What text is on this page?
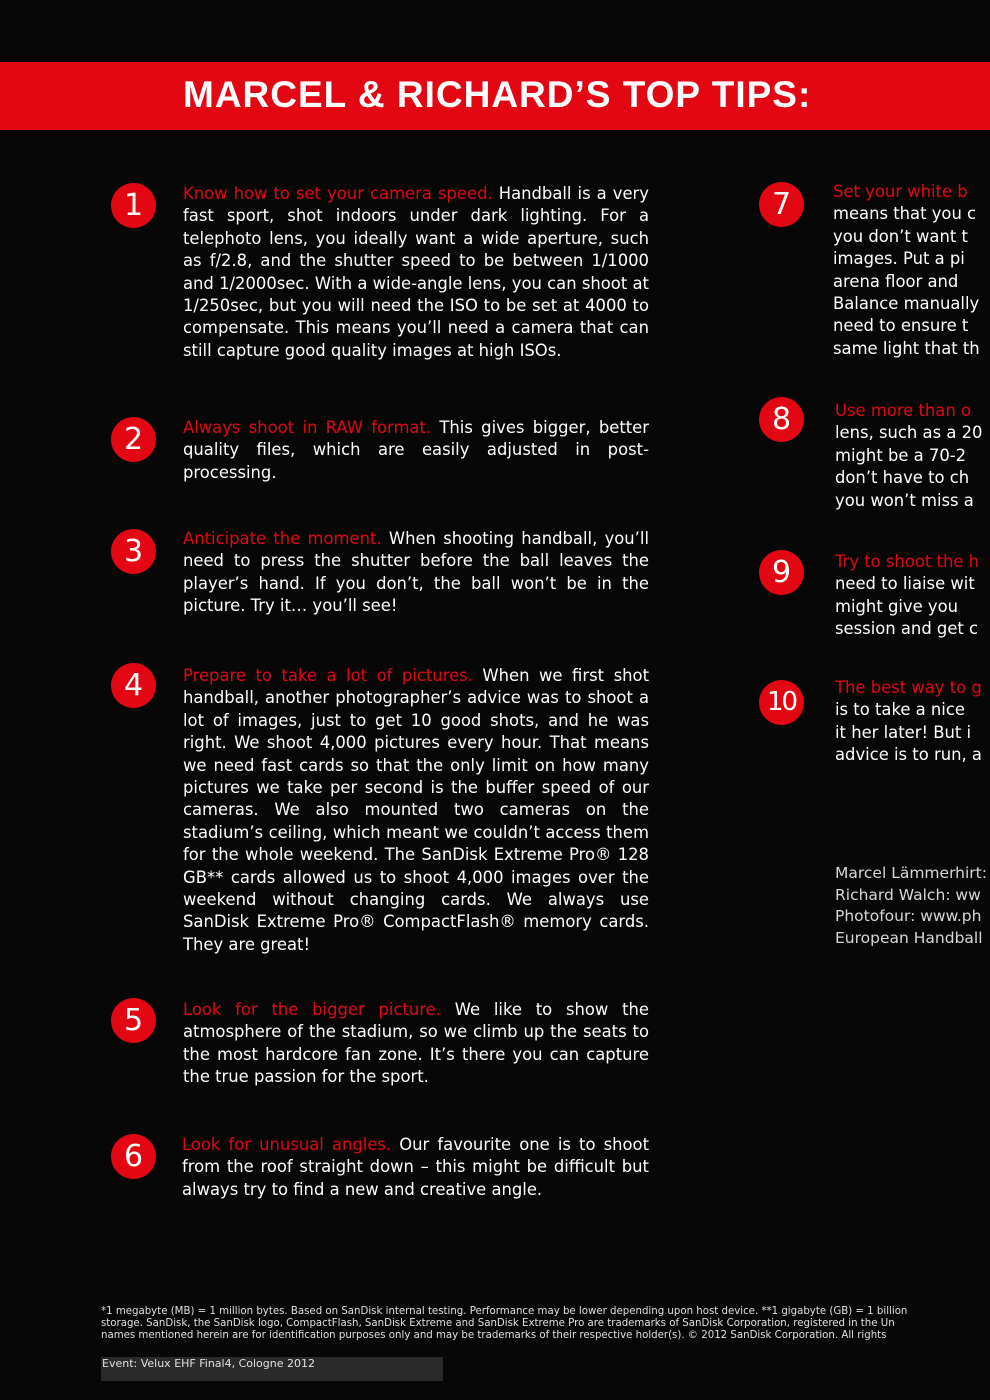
MARCEL & RICHARD’S TOP TIPS:
1	Know how to set your camera speed. Handball is a very fast sport, shot indoors under dark lighting. For a telephoto lens, you ideally want a wide aperture, such as f/2.8, and the shutter speed to be between 1/1000 and 1/2000sec. With a wide-angle lens, you can shoot at 1/250sec, but you will need the ISO to be set at 4000 to compensate. This means you’ll need a camera that can still capture good quality images at high ISOs.

2	Always shoot in RAW format. This gives bigger, better quality files, which are easily adjusted in post-processing.

3	Anticipate the moment. When shooting handball, you’ll need to press the shutter before the ball leaves the player’s hand. If you don’t, the ball won’t be in the picture. Try it… you’ll see!

4	Prepare to take a lot of pictures. When we first shot handball, another photographer’s advice was to shoot a lot of images, just to get 10 good shots, and he was right. We shoot 4,000 pictures every hour. That means we need fast cards so that the only limit on how many pictures we take per second is the buffer speed of our cameras. We also mounted two cameras on the stadium’s ceiling, which meant we couldn’t access them for the whole weekend. The SanDisk Extreme Pro® 128 GB** cards allowed us to shoot 4,000 images over the weekend without changing cards. We always use SanDisk Extreme Pro® CompactFlash® memory cards. They are great!

5	Look for the bigger picture. We like to show the atmosphere of the stadium, so we climb up the seats to the most hardcore fan zone. It’s there you can capture the true passion for the sport.

6	Look for unusual angles. Our favourite one is to shoot from the roof straight down – this might be difficult but always try to find a new and creative angle.

7
8
9
10
Set your white b
means that you c
you don’t want t
images. Put a pi
arena floor and
Balance manually
need to ensure t
same light that th
Use more than o
lens, such as a 20
might be a 70-2
don’t have to ch
you won’t miss a
Try to shoot the h
need to liaise wit
might give you
session and get c
The best way to g
is to take a nice
it her later! But i
advice is to run, a
Marcel Lämmerhirt:
Richard Walch: ww
Photofour: www.ph
European Handball
*1 megabyte (MB) = 1 million bytes. Based on SanDisk internal testing. Performance may be lower depending upon host device. **1 gigabyte (GB) = 1 billion
storage. SanDisk, the SanDisk logo, CompactFlash, SanDisk Extreme and SanDisk Extreme Pro are trademarks of SanDisk Corporation, registered in the Un
names mentioned herein are for identification purposes only and may be trademarks of their respective holder(s). © 2012 SanDisk Corporation. All rights
Event: Velux EHF Final4, Cologne 2012
